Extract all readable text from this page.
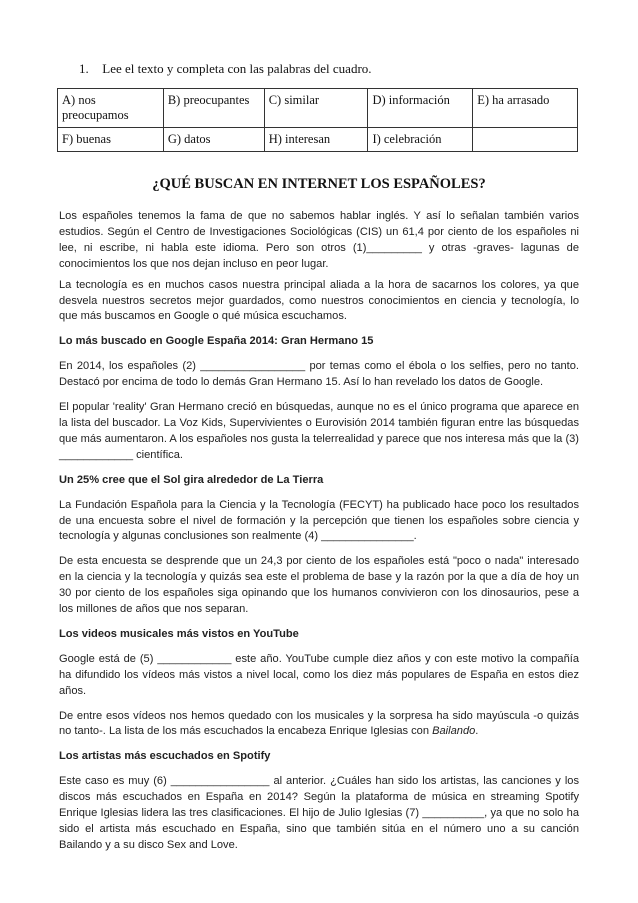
1. Lee el texto y completa con las palabras del cuadro.
A) nos preocupamos	B) preocupantes	C) similar	D) información	E) ha arrasado
F) buenas	G) datos	H) interesan	I) celebración	
¿QUÉ BUSCAN EN INTERNET LOS ESPAÑOLES?

Los españoles tenemos la fama de que no sabemos hablar inglés. Y así lo señalan también varios estudios. Según el Centro de Investigaciones Sociológicas (CIS) un 61,4 por ciento de los españoles ni lee, ni escribe, ni habla este idioma. Pero son otros (1)_________ y otras -graves- lagunas de conocimientos los que nos dejan incluso en peor lugar.

La tecnología es en muchos casos nuestra principal aliada a la hora de sacarnos los colores, ya que desvela nuestros secretos mejor guardados, como nuestros conocimientos en ciencia y tecnología, lo que más buscamos en Google o qué música escuchamos.

Lo más buscado en Google España 2014: Gran Hermano 15

En 2014, los españoles (2) _________________ por temas como el ébola o los selfies, pero no tanto. Destacó por encima de todo lo demás Gran Hermano 15. Así lo han revelado los datos de Google.

El popular 'reality' Gran Hermano creció en búsquedas, aunque no es el único programa que aparece en la lista del buscador. La Voz Kids, Supervivientes o Eurovisión 2014 también figuran entre las búsquedas que más aumentaron. A los españoles nos gusta la telerrealidad y parece que nos interesa más que la (3) ____________ científica.

Un 25% cree que el Sol gira alrededor de La Tierra

La Fundación Española para la Ciencia y la Tecnología (FECYT) ha publicado hace poco los resultados de una encuesta sobre el nivel de formación y la percepción que tienen los españoles sobre ciencia y tecnología y algunas conclusiones son realmente (4) _______________.

De esta encuesta se desprende que un 24,3 por ciento de los españoles está "poco o nada" interesado en la ciencia y la tecnología y quizás sea este el problema de base y la razón por la que a día de hoy un 30 por ciento de los españoles siga opinando que los humanos convivieron con los dinosaurios, pese a los millones de años que nos separan.

Los videos musicales más vistos en YouTube

Google está de (5) ____________ este año. YouTube cumple diez años y con este motivo la compañía ha difundido los vídeos más vistos a nivel local, como los diez más populares de España en estos diez años.

De entre esos vídeos nos hemos quedado con los musicales y la sorpresa ha sido mayúscula -o quizás no tanto-. La lista de los más escuchados la encabeza Enrique Iglesias con Bailando.

Los artistas más escuchados en Spotify

Este caso es muy (6) ________________ al anterior. ¿Cuáles han sido los artistas, las canciones y los discos más escuchados en España en 2014? Según la plataforma de música en streaming Spotify Enrique Iglesias lidera las tres clasificaciones. El hijo de Julio Iglesias (7) __________, ya que no solo ha sido el artista más escuchado en España, sino que también sitúa en el número uno a su canción Bailando y a su disco Sex and Love.
